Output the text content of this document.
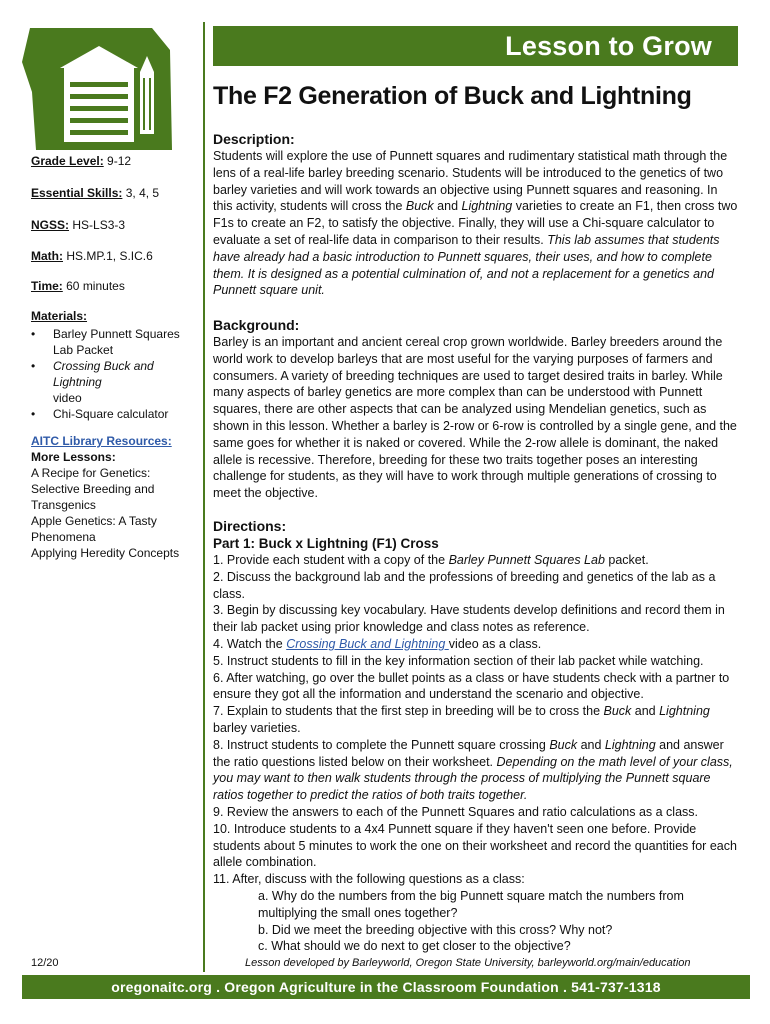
Lesson to Grow
The F2 Generation of Buck and Lightning
Grade Level: 9-12
Essential Skills: 3, 4, 5
NGSS: HS-LS3-3
Math: HS.MP.1, S.IC.6
Time: 60 minutes
Materials:
• Barley Punnett Squares Lab Packet
• Crossing Buck and Lightning
video
• Chi-Square calculator
AITC Library Resources:
More Lessons:
A Recipe for Genetics:
Selective Breeding and
Transgenics
Apple Genetics: A Tasty
Phenomena
Applying Heredity Concepts
12/20
Description:

Students will explore the use of Punnett squares and rudimentary statistical math through the lens of a real-life barley breeding scenario. Students will be introduced to the genetics of two barley varieties and will work towards an objective using Punnett squares and reasoning. In this activity, students will cross the Buck and Lightning varieties to create an F1, then cross two F1s to create an F2, to satisfy the objective. Finally, they will use a Chi-square calculator to evaluate a set of real-life data in comparison to their results. This lab assumes that students have already had a basic introduction to Punnett squares, their uses, and how to complete them. It is designed as a potential culmination of, and not a replacement for a genetics and Punnett square unit.

Background:

Barley is an important and ancient cereal crop grown worldwide. Barley breeders around the world work to develop barleys that are most useful for the varying purposes of farmers and consumers. A variety of breeding techniques are used to target desired traits in barley. While many aspects of barley genetics are more complex than can be understood with Punnett squares, there are other aspects that can be analyzed using Mendelian genetics, such as shown in this lesson. Whether a barley is 2-row or 6-row is controlled by a single gene, and the same goes for whether it is naked or covered. While the 2-row allele is dominant, the naked allele is recessive. Therefore, breeding for these two traits together poses an interesting challenge for students, as they will have to work through multiple generations of crossing to meet the objective.

Directions:
Part 1: Buck x Lightning (F1) Cross

1. Provide each student with a copy of the Barley Punnett Squares Lab packet.

2. Discuss the background lab and the professions of breeding and genetics of the lab as a class.

3. Begin by discussing key vocabulary. Have students develop definitions and record them in their lab packet using prior knowledge and class notes as reference.

4. Watch the Crossing Buck and Lightning video as a class.

5. Instruct students to fill in the key information section of their lab packet while watching.

6. After watching, go over the bullet points as a class or have students check with a partner to ensure they got all the information and understand the scenario and objective.

7. Explain to students that the first step in breeding will be to cross the Buck and Lightning barley varieties.

8. Instruct students to complete the Punnett square crossing Buck and Lightning and answer the ratio questions listed below on their worksheet. Depending on the math level of your class, you may want to then walk students through the process of multiplying the Punnett square ratios together to predict the ratios of both traits together.

9. Review the answers to each of the Punnett Squares and ratio calculations as a class.

10. Introduce students to a 4x4 Punnett square if they haven't seen one before. Provide students about 5 minutes to work the one on their worksheet and record the quantities for each allele combination.

11. After, discuss with the following questions as a class:

a. Why do the numbers from the big Punnett square match the numbers from multiplying the small ones together?

b. Did we meet the breeding objective with this cross? Why not?

c. What should we do next to get closer to the objective?

Lesson developed by Barleyworld, Oregon State University, barleyworld.org/main/education
oregonaitc.org . Oregon Agriculture in the Classroom Foundation . 541-737-1318
